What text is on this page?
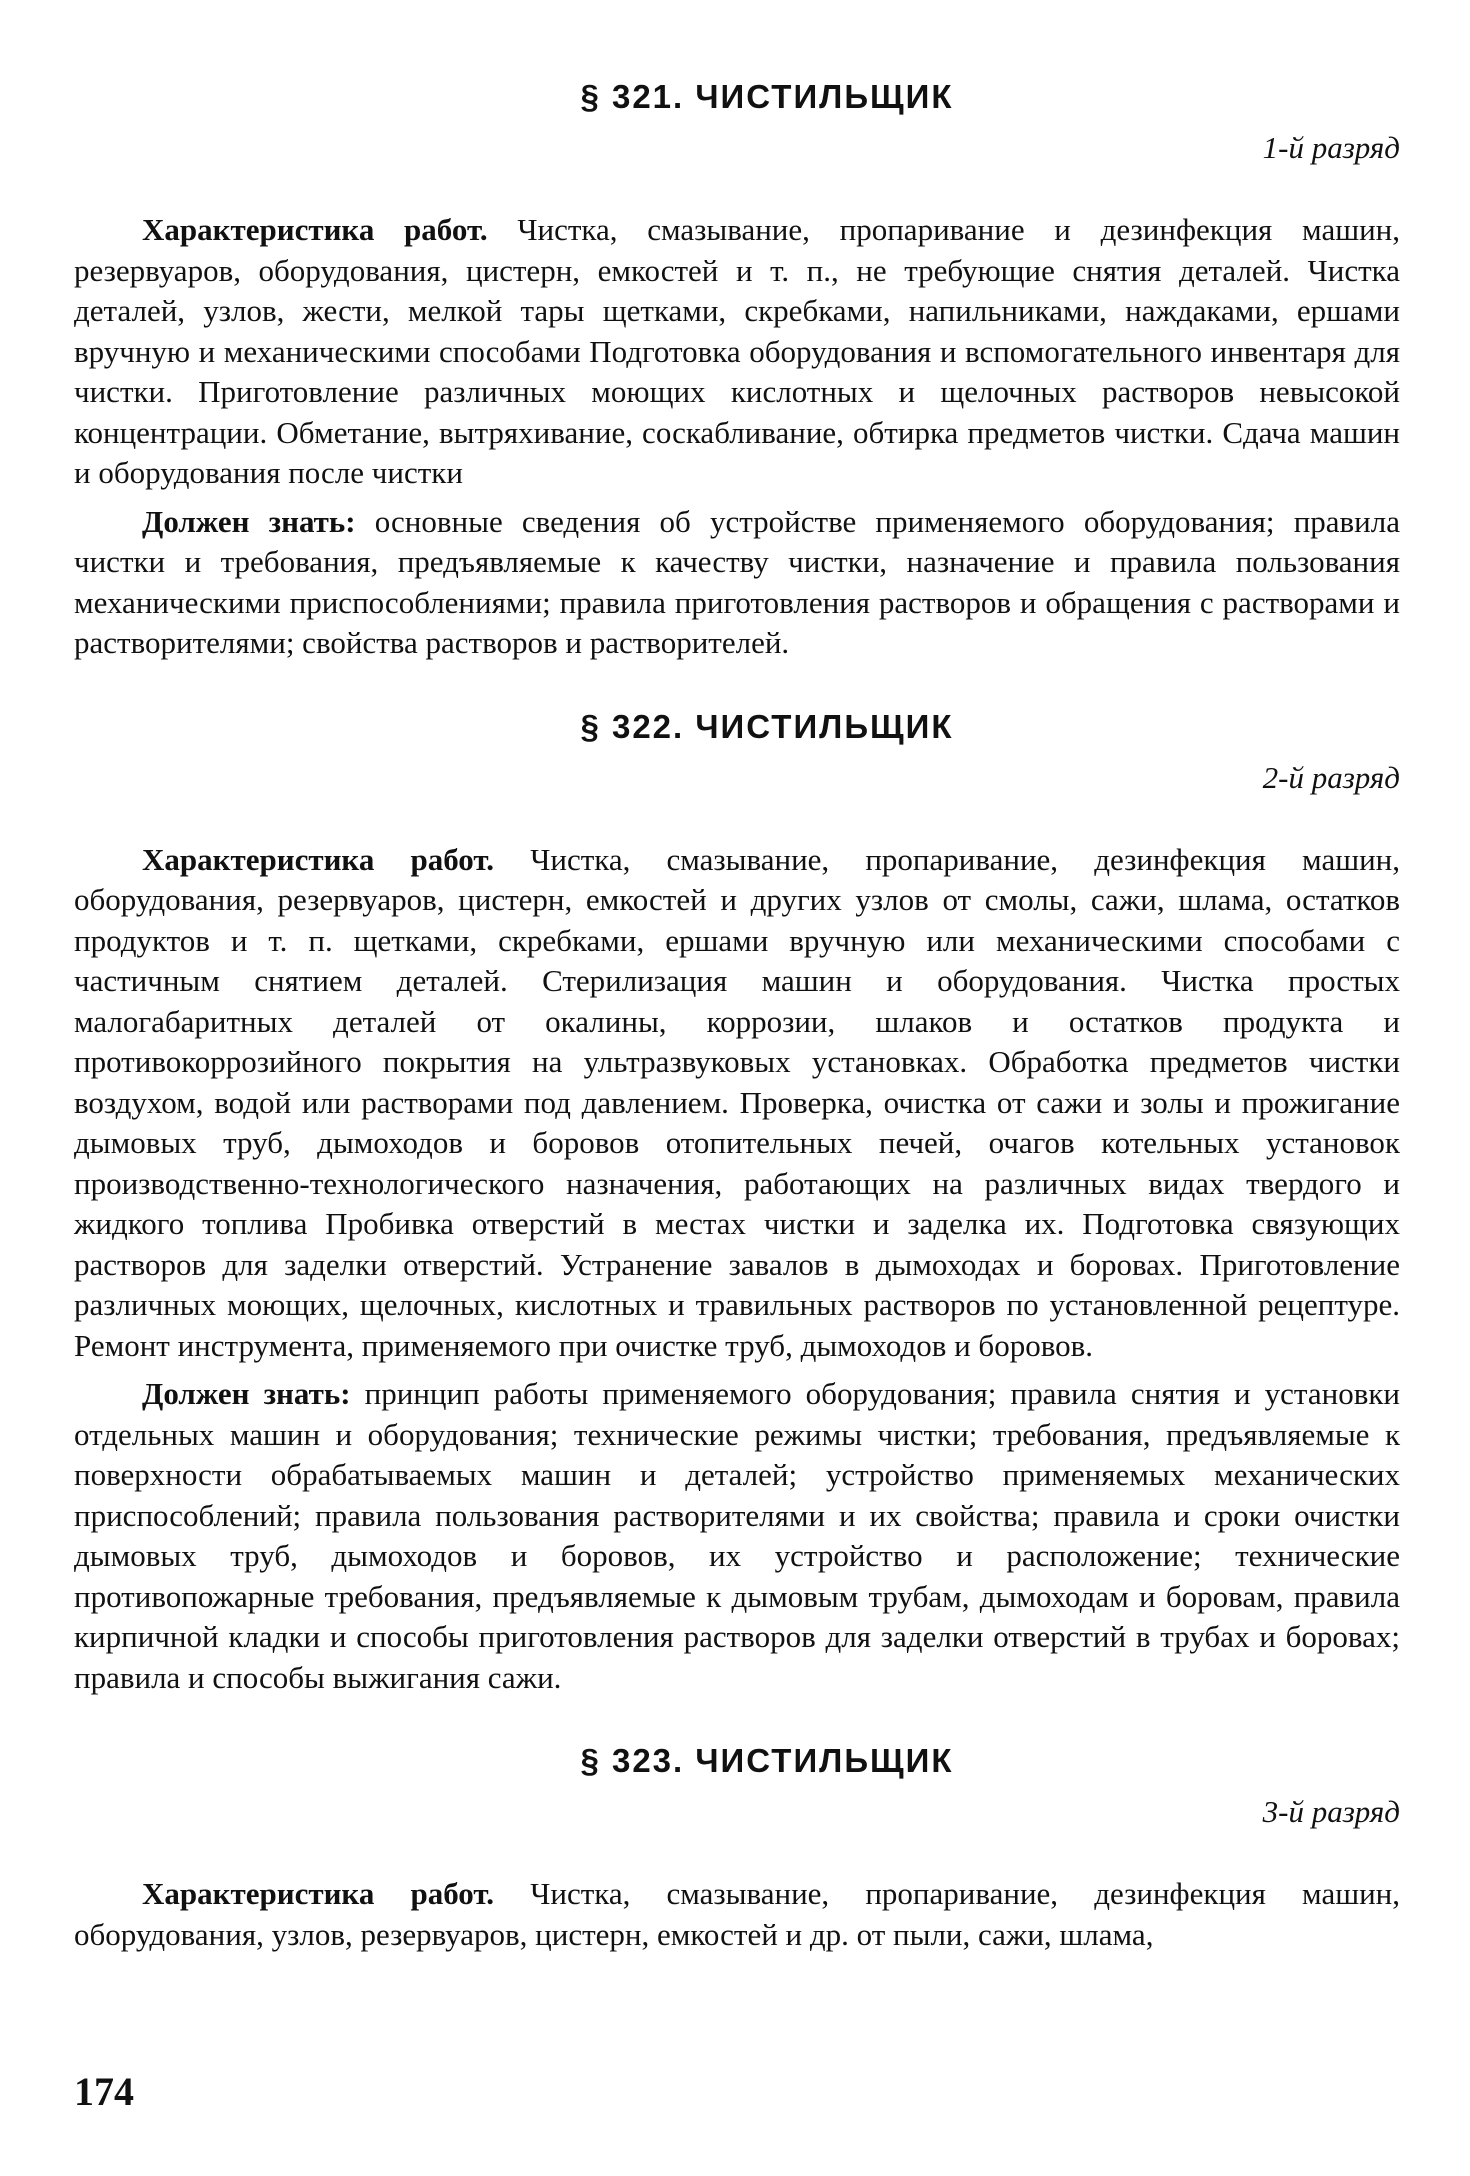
§ 321. ЧИСТИЛЬЩИК
1-й разряд

Характеристика работ. Чистка, смазывание, пропаривание и дезинфекция машин, резервуаров, оборудования, цистерн, емкостей и т. п., не требующие снятия деталей. Чистка деталей, узлов, жести, мелкой тары щетками, скребками, напильниками, наждаками, ершами вручную и механическими способами Подготовка оборудования и вспомогательного инвентаря для чистки. Приготовление различных моющих кислотных и щелочных растворов невысокой концентрации. Обметание, вытряхивание, соскабливание, обтирка предметов чистки. Сдача машин и оборудования после чистки

Должен знать: основные сведения об устройстве применяемого оборудования; правила чистки и требования, предъявляемые к качеству чистки, назначение и правила пользования механическими приспособлениями; правила приготовления растворов и обращения с растворами и растворителями; свойства растворов и растворителей.

§ 322. ЧИСТИЛЬЩИК
2-й разряд

Характеристика работ. Чистка, смазывание, пропаривание, дезинфекция машин, оборудования, резервуаров, цистерн, емкостей и других узлов от смолы, сажи, шлама, остатков продуктов и т. п. щетками, скребками, ершами вручную или механическими способами с частичным снятием деталей. Стерилизация машин и оборудования. Чистка простых малогабаритных деталей от окалины, коррозии, шлаков и остатков продукта и противокоррозийного покрытия на ультразвуковых установках. Обработка предметов чистки воздухом, водой или растворами под давлением. Проверка, очистка от сажи и золы и прожигание дымовых труб, дымоходов и боровов отопительных печей, очагов котельных установок производственно-технологического назначения, работающих на различных видах твердого и жидкого топлива Пробивка отверстий в местах чистки и заделка их. Подготовка связующих растворов для заделки отверстий. Устранение завалов в дымоходах и боровах. Приготовление различных моющих, щелочных, кислотных и травильных растворов по установленной рецептуре. Ремонт инструмента, применяемого при очистке труб, дымоходов и боровов.

Должен знать: принцип работы применяемого оборудования; правила снятия и установки отдельных машин и оборудования; технические режимы чистки; требования, предъявляемые к поверхности обрабатываемых машин и деталей; устройство применяемых механических приспособлений; правила пользования растворителями и их свойства; правила и сроки очистки дымовых труб, дымоходов и боровов, их устройство и расположение; технические противопожарные требования, предъявляемые к дымовым трубам, дымоходам и боровам, правила кирпичной кладки и способы приготовления растворов для заделки отверстий в трубах и боровах; правила и способы выжигания сажи.

§ 323. ЧИСТИЛЬЩИК
3-й разряд

Характеристика работ. Чистка, смазывание, пропаривание, дезинфекция машин, оборудования, узлов, резервуаров, цистерн, емкостей и др. от пыли, сажи, шлама,

174
